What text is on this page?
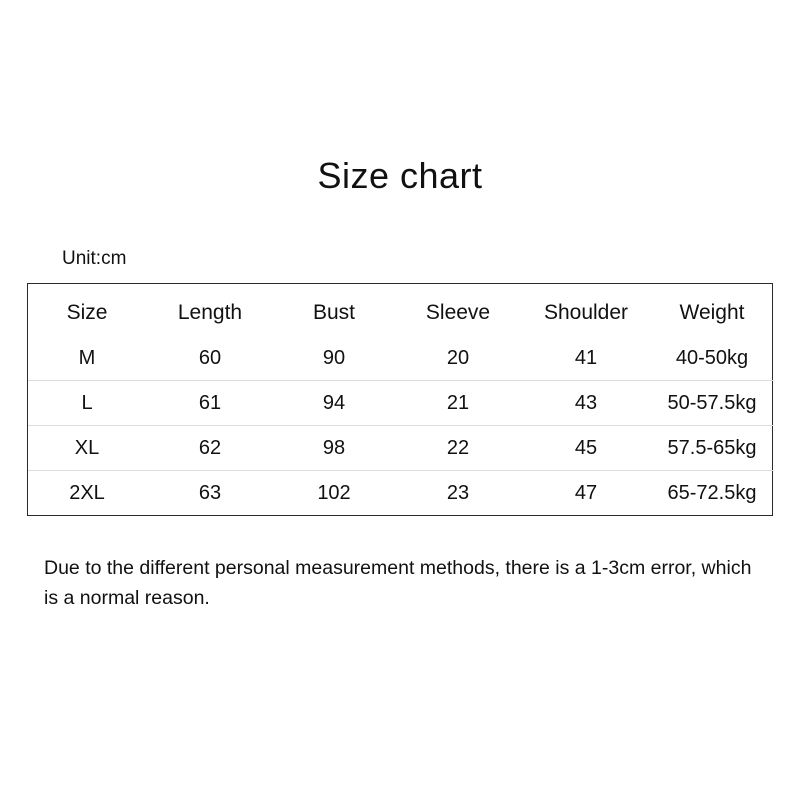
Size chart
Unit:cm
Size	Length	Bust	Sleeve	Shoulder	Weight
M	60	90	20	41	40-50kg
L	61	94	21	43	50-57.5kg
XL	62	98	22	45	57.5-65kg
2XL	63	102	23	47	65-72.5kg
Due to the different personal measurement methods, there is a 1-3cm error, which is a normal reason.
